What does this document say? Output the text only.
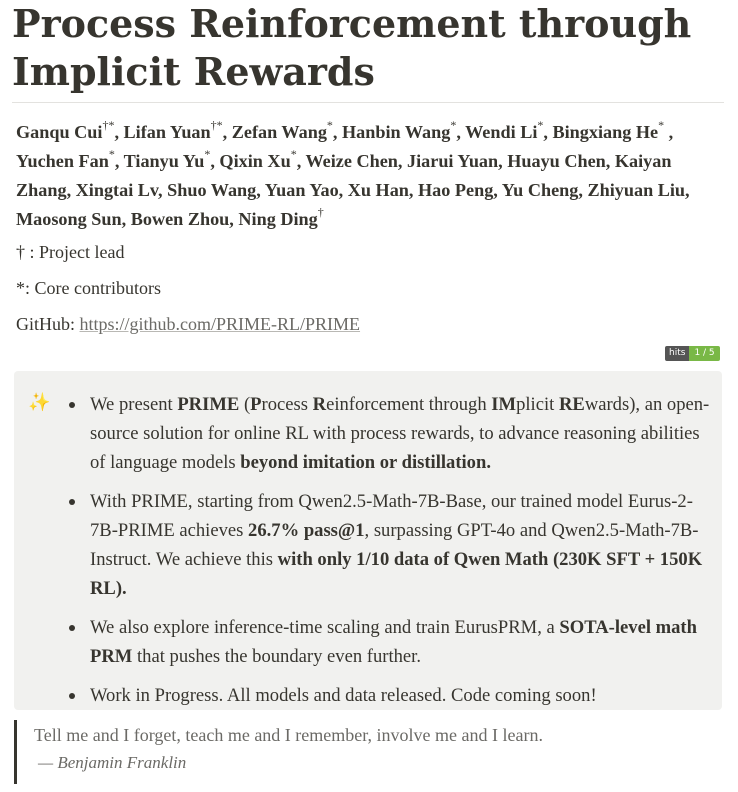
Process Reinforcement through Implicit Rewards

Ganqu Cui†*, Lifan Yuan†*, Zefan Wang*, Hanbin Wang*, Wendi Li*, Bingxiang He* , Yuchen Fan*, Tianyu Yu*, Qixin Xu*, Weize Chen, Jiarui Yuan, Huayu Chen, Kaiyan Zhang, Xingtai Lv, Shuo Wang, Yuan Yao, Xu Han, Hao Peng, Yu Cheng, Zhiyuan Liu, Maosong Sun, Bowen Zhou, Ning Ding†

† : Project lead

*: Core contributors

GitHub: https://github.com/PRIME-RL/PRIME

hits	1 / 5
✨	We present PRIME (Process Reinforcement through IMplicit REwards), an open-source solution for online RL with process rewards, to advance reasoning abilities of language models beyond imitation or distillation.
With PRIME, starting from Qwen2.5-Math-7B-Base, our trained model Eurus-2-7B-PRIME achieves 26.7% pass@1, surpassing GPT-4o and Qwen2.5-Math-7B-Instruct. We achieve this with only 1/10 data of Qwen Math (230K SFT + 150K RL).
We also explore inference-time scaling and train EurusPRM, a SOTA-level math PRM that pushes the boundary even further.
Work in Progress. All models and data released. Code coming soon!

Tell me and I forget, teach me and I remember, involve me and I learn.

— Benjamin Franklin
